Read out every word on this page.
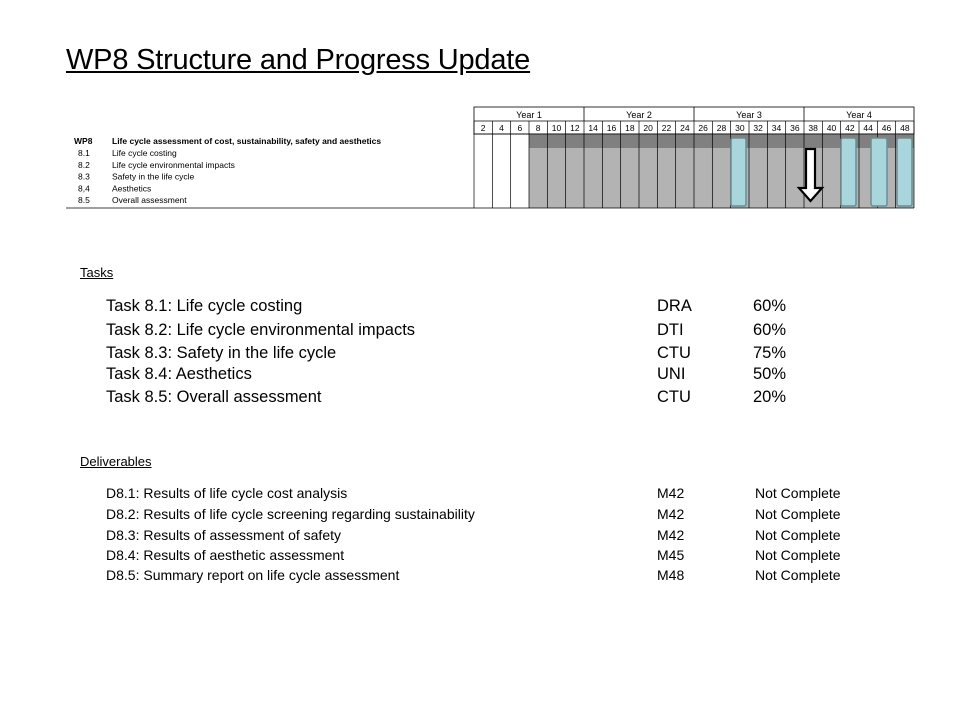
WP8 Structure and Progress Update
Year 1	Year 2	Year 3	Year 4
2 4 6 8 10 12 14 16 18 20 22 24 26 28 30 32 34 36 38 40 42 44 46 48
WP8 Life cycle assessment of cost, sustainability, safety and aesthetics
8.1	Life cycle costing
8.2	Life cycle environmental impacts
8.3	Safety in the life cycle
8,4	Aesthetics
8.5	Overall assessment
Tasks
Task 8.1: Life cycle costing	DRA	60%
Task 8.2: Life cycle environmental impacts	DTI	60%
Task 8.3: Safety in the life cycle	CTU	75%
Task 8.4: Aesthetics	UNI	50%
Task 8.5: Overall assessment	CTU	20%
Deliverables
D8.1: Results of life cycle cost analysis	M42	Not Complete
D8.2: Results of life cycle screening regarding sustainability	M42	Not Complete
D8.3: Results of assessment of safety	M42	Not Complete
D8.4: Results of aesthetic assessment	M45	Not Complete
D8.5: Summary report on life cycle assessment	M48	Not Complete
